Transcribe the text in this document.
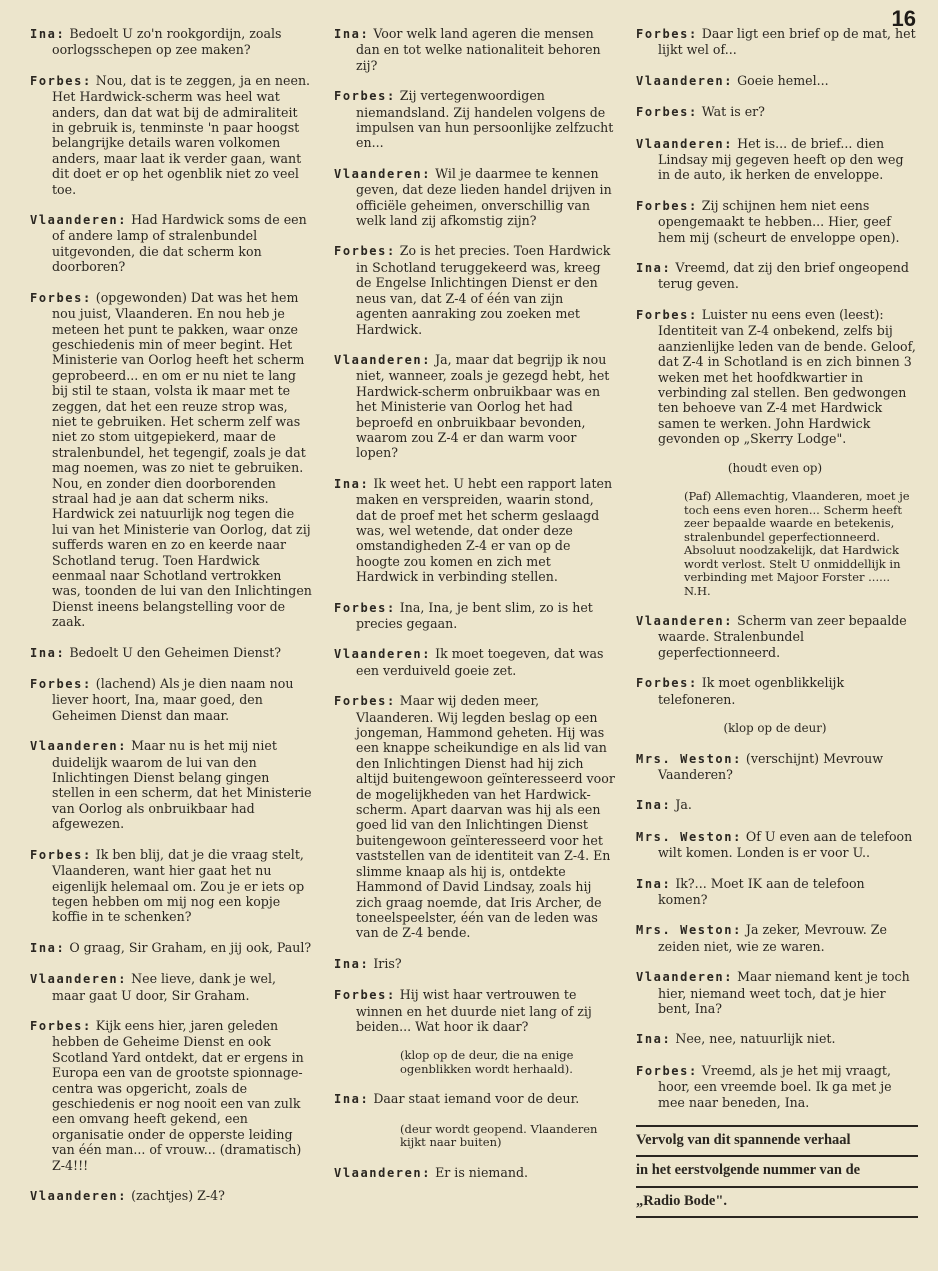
16
Ina: Bedoelt U zo'n rookgordijn, zoals oorlogsschepen op zee maken?
Forbes: Nou, dat is te zeggen, ja en neen. Het Hardwick-scherm was heel wat anders, dan dat wat bij de admiraliteit in gebruik is, tenminste 'n paar hoogst belangrijke details waren volkomen anders, maar laat ik verder gaan, want dit doet er op het ogenblik niet zo veel toe.
Vlaanderen: Had Hardwick soms de een of andere lamp of stralenbundel uitgevonden, die dat scherm kon doorboren?
Forbes: (opgewonden) Dat was het hem nou juist, Vlaanderen. En nou heb je meteen het punt te pakken, waar onze geschiedenis min of meer begint. Het Ministerie van Oorlog heeft het scherm geprobeerd... en om er nu niet te lang bij stil te staan, volsta ik maar met te zeggen, dat het een reuze strop was, niet te gebruiken. Het scherm zelf was niet zo stom uitgepiekerd, maar de stralenbundel, het tegengif, zoals je dat mag noemen, was zo niet te gebruiken. Nou, en zonder dien doorborenden straal had je aan dat scherm niks. Hardwick zei natuurlijk nog tegen die lui van het Ministerie van Oorlog, dat zij sufferds waren en zo en keerde naar Schotland terug. Toen Hardwick eenmaal naar Schotland vertrokken was, toonden de lui van den Inlichtingen Dienst ineens belangstelling voor de zaak.
Ina: Bedoelt U den Geheimen Dienst?
Forbes: (lachend) Als je dien naam nou liever hoort, Ina, maar goed, den Geheimen Dienst dan maar.
Vlaanderen: Maar nu is het mij niet duidelijk waarom de lui van den Inlichtingen Dienst belang gingen stellen in een scherm, dat het Ministerie van Oorlog als onbruikbaar had afgewezen.
Forbes: Ik ben blij, dat je die vraag stelt, Vlaanderen, want hier gaat het nu eigenlijk helemaal om. Zou je er iets op tegen hebben om mij nog een kopje koffie in te schenken?
Ina: O graag, Sir Graham, en jij ook, Paul?
Vlaanderen: Nee lieve, dank je wel, maar gaat U door, Sir Graham.
Forbes: Kijk eens hier, jaren geleden hebben de Geheime Dienst en ook Scotland Yard ontdekt, dat er ergens in Europa een van de grootste spionnage-centra was opgericht, zoals de geschiedenis er nog nooit een van zulk een omvang heeft gekend, een organisatie onder de opperste leiding van één man... of vrouw... (dramatisch) Z-4!!!
Vlaanderen: (zachtjes) Z-4?
Ina: Voor welk land ageren die mensen dan en tot welke nationaliteit behoren zij?
Forbes: Zij vertegenwoordigen niemandsland. Zij handelen volgens de impulsen van hun persoonlijke zelfzucht en...
Vlaanderen: Wil je daarmee te kennen geven, dat deze lieden handel drijven in officiële geheimen, onverschillig van welk land zij afkomstig zijn?
Forbes: Zo is het precies. Toen Hardwick in Schotland teruggekeerd was, kreeg de Engelse Inlichtingen Dienst er den neus van, dat Z-4 of één van zijn agenten aanraking zou zoeken met Hardwick.
Vlaanderen: Ja, maar dat begrijp ik nou niet, wanneer, zoals je gezegd hebt, het Hardwick-scherm onbruikbaar was en het Ministerie van Oorlog het had beproefd en onbruikbaar bevonden, waarom zou Z-4 er dan warm voor lopen?
Ina: Ik weet het. U hebt een rapport laten maken en verspreiden, waarin stond, dat de proef met het scherm geslaagd was, wel wetende, dat onder deze omstandigheden Z-4 er van op de hoogte zou komen en zich met Hardwick in verbinding stellen.
Forbes: Ina, Ina, je bent slim, zo is het precies gegaan.
Vlaanderen: Ik moet toegeven, dat was een verduiveld goeie zet.
Forbes: Maar wij deden meer, Vlaanderen. Wij legden beslag op een jongeman, Hammond geheten. Hij was een knappe scheikundige en als lid van den Inlichtingen Dienst had hij zich altijd buitengewoon geïnteresseerd voor de mogelijkheden van het Hardwick-scherm. Apart daarvan was hij als een goed lid van den Inlichtingen Dienst buitengewoon geïnteresseerd voor het vaststellen van de identiteit van Z-4. En slimme knaap als hij is, ontdekte Hammond of David Lindsay, zoals hij zich graag noemde, dat Iris Archer, de toneelspeelster, één van de leden was van de Z-4 bende.
Ina: Iris?
Forbes: Hij wist haar vertrouwen te winnen en het duurde niet lang of zij beiden... Wat hoor ik daar?
(klop op de deur, die na enige ogenblikken wordt herhaald).
Ina: Daar staat iemand voor de deur.
(deur wordt geopend. Vlaanderen kijkt naar buiten)
Vlaanderen: Er is niemand.
Forbes: Daar ligt een brief op de mat, het lijkt wel of...
Vlaanderen: Goeie hemel...
Forbes: Wat is er?
Vlaanderen: Het is... de brief... dien Lindsay mij gegeven heeft op den weg in de auto, ik herken de enveloppe.
Forbes: Zij schijnen hem niet eens opengemaakt te hebben... Hier, geef hem mij (scheurt de enveloppe open).
Ina: Vreemd, dat zij den brief ongeopend terug geven.
Forbes: Luister nu eens even (leest): Identiteit van Z-4 onbekend, zelfs bij aanzienlijke leden van de bende. Geloof, dat Z-4 in Schotland is en zich binnen 3 weken met het hoofdkwartier in verbinding zal stellen. Ben gedwongen ten behoeve van Z-4 met Hardwick samen te werken. John Hardwick gevonden op „Skerry Lodge".
(houdt even op)
(Paf) Allemachtig, Vlaanderen, moet je toch eens even horen... Scherm heeft zeer bepaalde waarde en betekenis, stralenbundel geperfectionneerd. Absoluut noodzakelijk, dat Hardwick wordt verlost. Stelt U onmiddellijk in verbinding met Majoor Forster ...... N.H.
Vlaanderen: Scherm van zeer bepaalde waarde. Stralenbundel geperfectionneerd.
Forbes: Ik moet ogenblikkelijk telefoneren.
(klop op de deur)
Mrs. Weston: (verschijnt) Mevrouw Vaanderen?
Ina: Ja.
Mrs. Weston: Of U even aan de telefoon wilt komen. Londen is er voor U..
Ina: Ik?... Moet IK aan de telefoon komen?
Mrs. Weston: Ja zeker, Mevrouw. Ze zeiden niet, wie ze waren.
Vlaanderen: Maar niemand kent je toch hier, niemand weet toch, dat je hier bent, Ina?
Ina: Nee, nee, natuurlijk niet.
Forbes: Vreemd, als je het mij vraagt, hoor, een vreemde boel. Ik ga met je mee naar beneden, Ina.
Vervolg van dit spannende verhaal
in het eerstvolgende nummer van de
„Radio Bode".
